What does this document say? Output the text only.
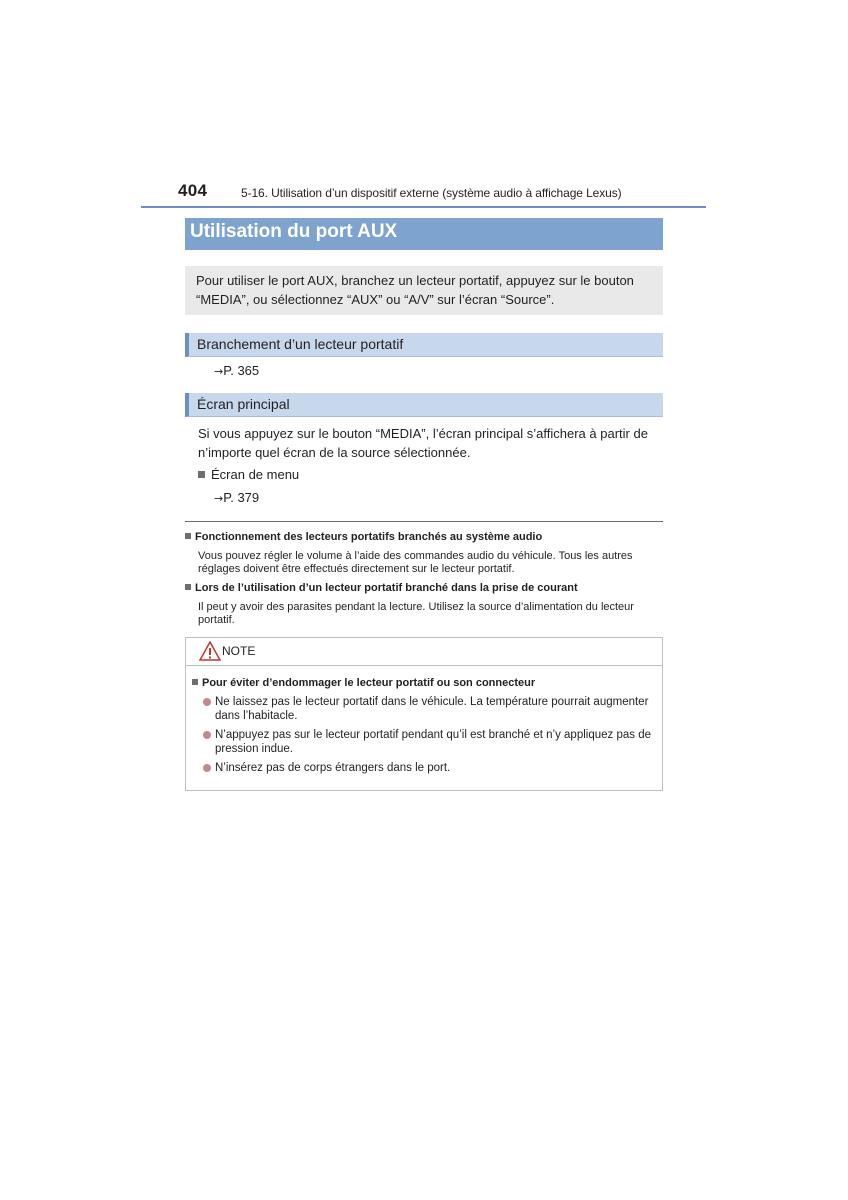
404	5-16. Utilisation d’un dispositif externe (système audio à affichage Lexus)
Utilisation du port AUX
Pour utiliser le port AUX, branchez un lecteur portatif, appuyez sur le bouton “MEDIA”, ou sélectionnez “AUX” ou “A/V” sur l’écran “Source”.
Branchement d’un lecteur portatif
→P. 365
Écran principal
Si vous appuyez sur le bouton “MEDIA”, l’écran principal s’affichera à partir de n’importe quel écran de la source sélectionnée.
Écran de menu
→P. 379
Fonctionnement des lecteurs portatifs branchés au système audio
Vous pouvez régler le volume à l’aide des commandes audio du véhicule. Tous les autres réglages doivent être effectués directement sur le lecteur portatif.
Lors de l’utilisation d’un lecteur portatif branché dans la prise de courant
Il peut y avoir des parasites pendant la lecture. Utilisez la source d’alimentation du lecteur portatif.
NOTE
Pour éviter d’endommager le lecteur portatif ou son connecteur
Ne laissez pas le lecteur portatif dans le véhicule. La température pourrait augmenter dans l’habitacle.
N’appuyez pas sur le lecteur portatif pendant qu’il est branché et n’y appliquez pas de pression indue.
N’insérez pas de corps étrangers dans le port.
